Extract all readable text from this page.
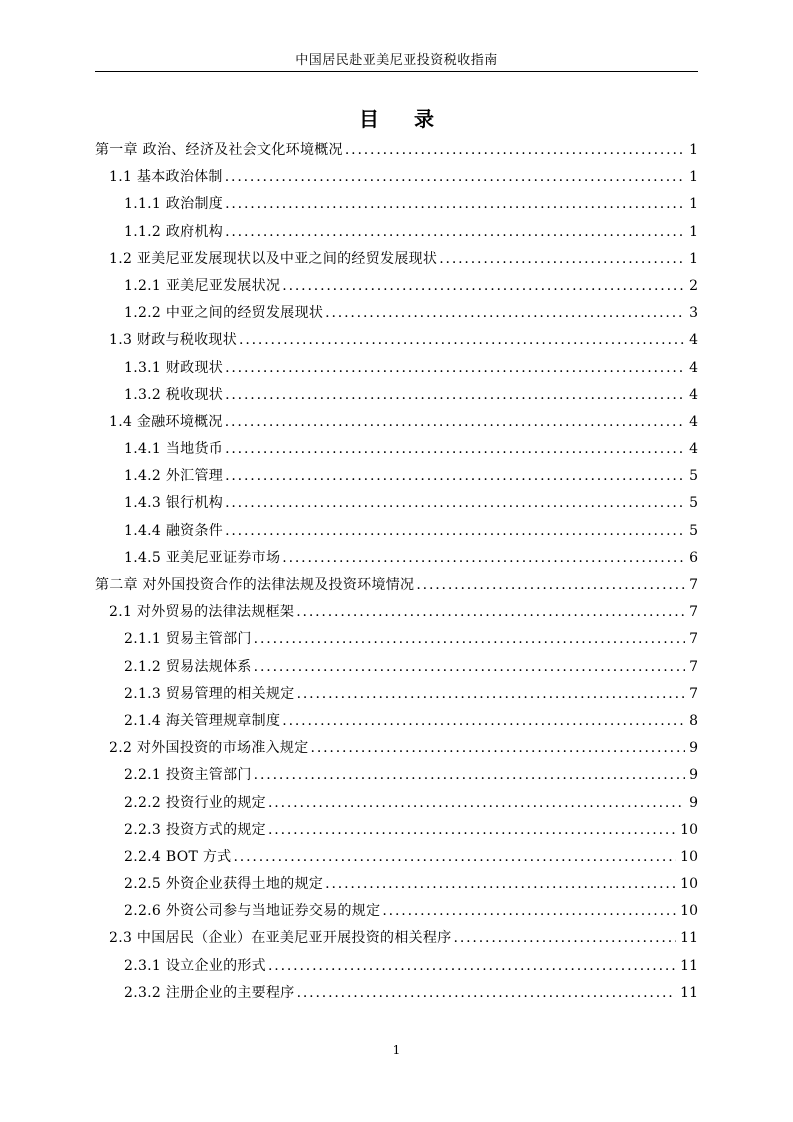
中国居民赴亚美尼亚投资税收指南
目 录
第一章 政治、经济及社会文化环境概况 . . .	1
1.1 基本政治体制 . . .	1
1.1.1 政治制度 . . .	1
1.1.2 政府机构 . . .	1
1.2 亚美尼亚发展现状以及中亚之间的经贸发展现状 . . .	1
1.2.1 亚美尼亚发展状况 . . .	2
1.2.2 中亚之间的经贸发展现状 . . .	3
1.3 财政与税收现状 . . .	4
1.3.1 财政现状 . . .	4
1.3.2 税收现状 . . .	4
1.4 金融环境概况 . . .	4
1.4.1 当地货币 . . .	4
1.4.2 外汇管理 . . .	5
1.4.3 银行机构 . . .	5
1.4.4 融资条件 . . .	5
1.4.5 亚美尼亚证券市场 . . .	6
第二章 对外国投资合作的法律法规及投资环境情况 . . .	7
2.1 对外贸易的法律法规框架 . . .	7
2.1.1 贸易主管部门 . . .	7
2.1.2 贸易法规体系 . . .	7
2.1.3 贸易管理的相关规定 . . .	7
2.1.4 海关管理规章制度 . . .	8
2.2 对外国投资的市场准入规定 . . .	9
2.2.1 投资主管部门 . . .	9
2.2.2 投资行业的规定 . . .	9
2.2.3 投资方式的规定 . . .	10
2.2.4 BOT 方式 . . .	10
2.2.5 外资企业获得土地的规定 . . .	10
2.2.6 外资公司参与当地证券交易的规定 . . .	10
2.3 中国居民（企业）在亚美尼亚开展投资的相关程序 . . .	11
2.3.1 设立企业的形式 . . .	11
2.3.2 注册企业的主要程序 . . .	11
1
